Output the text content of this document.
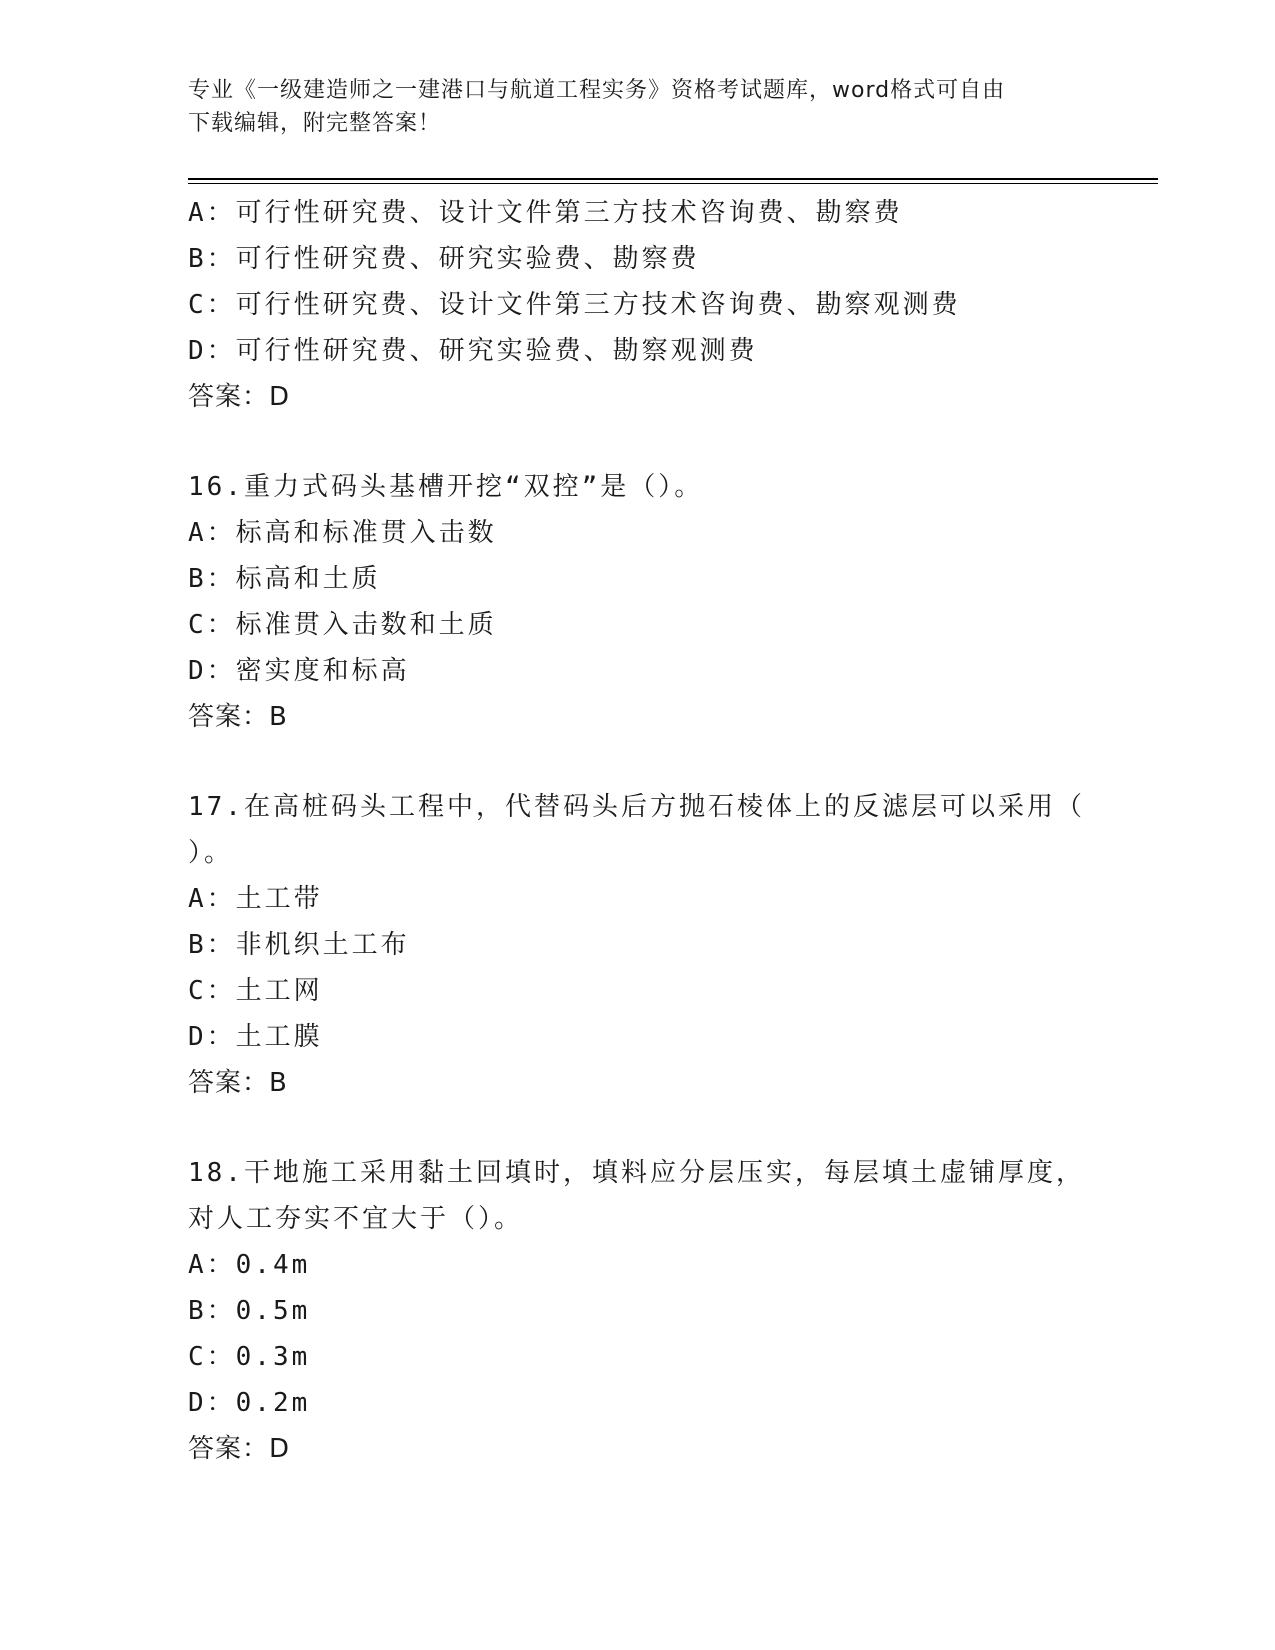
专业《一级建造师之一建港口与航道工程实务》资格考试题库，word格式可自由
下载编辑，附完整答案！
A：可行性研究费、设计文件第三方技术咨询费、勘察费
B：可行性研究费、研究实验费、勘察费
C：可行性研究费、设计文件第三方技术咨询费、勘察观测费
D：可行性研究费、研究实验费、勘察观测费
答案：D
16.重力式码头基槽开挖“双控”是（）。
A：标高和标准贯入击数
B：标高和土质
C：标准贯入击数和土质
D：密实度和标高
答案：B
17.在高桩码头工程中，代替码头后方抛石棱体上的反滤层可以采用（
）。
A：土工带
B：非机织土工布
C：土工网
D：土工膜
答案：B
18.干地施工采用黏土回填时，填料应分层压实，每层填土虚铺厚度，
对人工夯实不宜大于（）。
A：0.4m
B：0.5m
C：0.3m
D：0.2m
答案：D
